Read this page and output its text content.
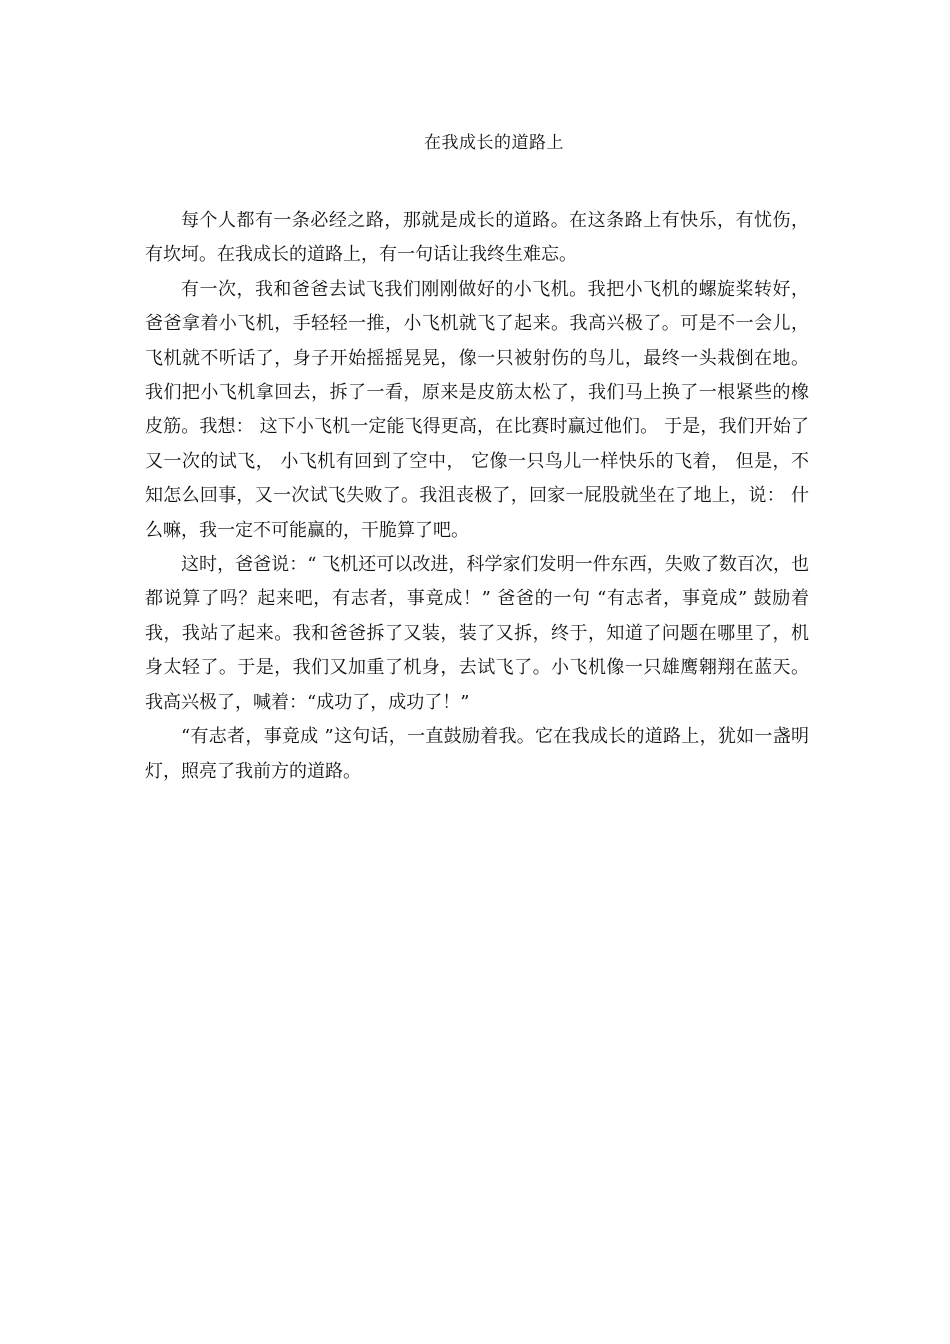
在我成长的道路上

每个人都有一条必经之路，那就是成长的道路。在这条路上有快乐，有忧伤，有坎坷。在我成长的道路上，有一句话让我终生难忘。

有一次，我和爸爸去试飞我们刚刚做好的小飞机。我把小飞机的螺旋桨转好，爸爸拿着小飞机，手轻轻一推，小飞机就飞了起来。我高兴极了。可是不一会儿，飞机就不听话了，身子开始摇摇晃晃，像一只被射伤的鸟儿，最终一头栽倒在地。我们把小飞机拿回去，拆了一看，原来是皮筋太松了，我们马上换了一根紧些的橡皮筋。我想： 这下小飞机一定能飞得更高，在比赛时赢过他们。 于是，我们开始了又一次的试飞， 小飞机有回到了空中， 它像一只鸟儿一样快乐的飞着， 但是，不知怎么回事，又一次试飞失败了。我沮丧极了，回家一屁股就坐在了地上，说： 什么嘛，我一定不可能赢的，干脆算了吧。

这时，爸爸说：“ 飞机还可以改进，科学家们发明一件东西，失败了数百次，也都说算了吗？起来吧，有志者，事竟成！” 爸爸的一句 “有志者，事竟成” 鼓励着我，我站了起来。我和爸爸拆了又装，装了又拆，终于，知道了问题在哪里了，机身太轻了。于是，我们又加重了机身，去试飞了。小飞机像一只雄鹰翱翔在蓝天。我高兴极了，喊着：“成功了，成功了！”

“有志者，事竟成 ”这句话，一直鼓励着我。它在我成长的道路上，犹如一盏明灯，照亮了我前方的道路。
